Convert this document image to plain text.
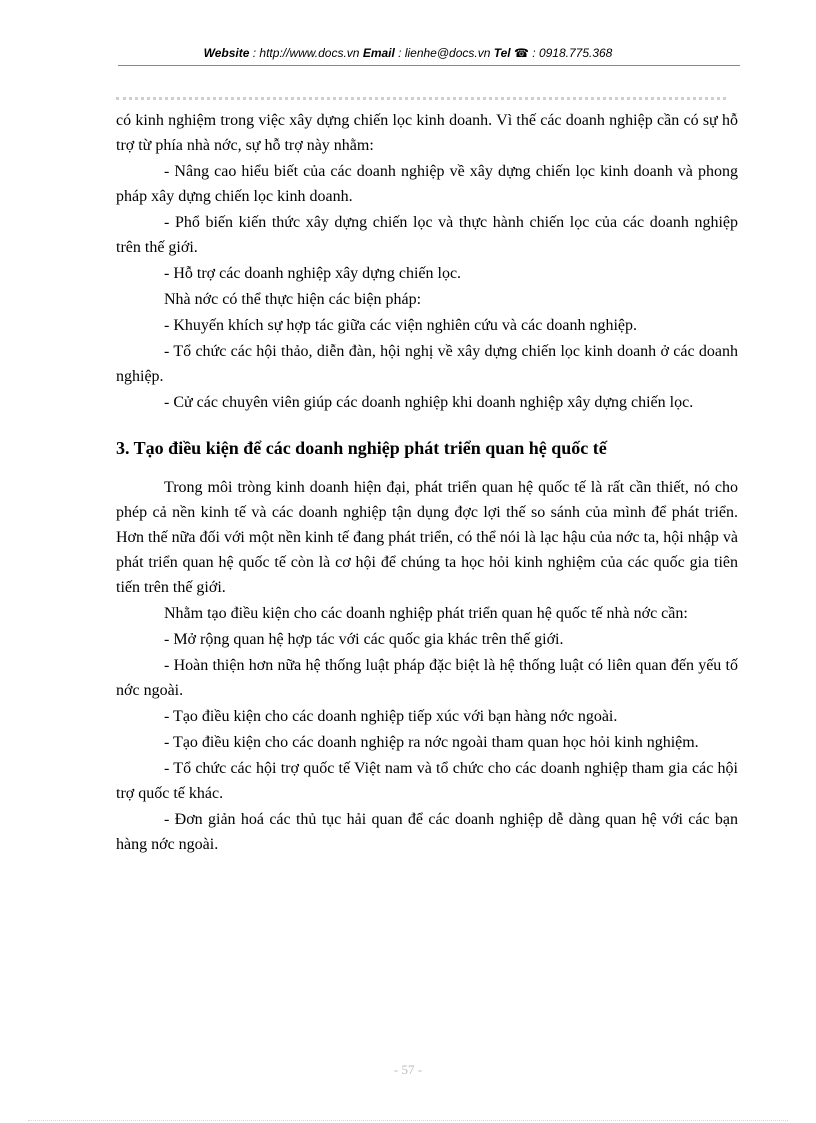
Website : http://www.docs.vn Email : lienhe@docs.vn Tel ☎ : 0918.775.368

có kinh nghiệm trong việc xây dựng chiến lọc kinh doanh. Vì thế các doanh nghiệp cần có sự hỗ trợ từ phía nhà nớc, sự hỗ trợ này nhằm:

- Nâng cao hiểu biết của các doanh nghiệp về xây dựng chiến lọc kinh doanh và phong pháp xây dựng chiến lọc kinh doanh.

- Phổ biến kiến thức xây dựng chiến lọc và thực hành chiến lọc của các doanh nghiệp trên thế giới.

- Hỗ trợ các doanh nghiệp xây dựng chiến lọc.

Nhà nớc có thể thực hiện các biện pháp:

- Khuyến khích sự hợp tác giữa các viện nghiên cứu và các doanh nghiệp.

- Tổ chức các hội thảo, diễn đàn, hội nghị về xây dựng chiến lọc kinh doanh ở các doanh nghiệp.

- Cử các chuyên viên giúp các doanh nghiệp khi doanh nghiệp xây dựng chiến lọc.

3. Tạo điều kiện để các doanh nghiệp phát triển quan hệ quốc tế

Trong môi tròng kinh doanh hiện đại, phát triển quan hệ quốc tế là rất cần thiết, nó cho phép cả nền kinh tế và các doanh nghiệp tận dụng đợc lợi thế so sánh của mình để phát triển. Hơn thế nữa đối với một nền kinh tế đang phát triển, có thể nói là lạc hậu của nớc ta, hội nhập và phát triển quan hệ quốc tế còn là cơ hội để chúng ta học hỏi kinh nghiệm của các quốc gia tiên tiến trên thế giới.

Nhằm tạo điều kiện cho các doanh nghiệp phát triển quan hệ quốc tế nhà nớc cần:

- Mở rộng quan hệ hợp tác với các quốc gia khác trên thế giới.

- Hoàn thiện hơn nữa hệ thống luật pháp đặc biệt là hệ thống luật có liên quan đến yếu tố nớc ngoài.

- Tạo điều kiện cho các doanh nghiệp tiếp xúc với bạn hàng nớc ngoài.

- Tạo điều kiện cho các doanh nghiệp ra nớc ngoài tham quan học hỏi kinh nghiệm.

- Tổ chức các hội trợ quốc tế Việt nam và tổ chức cho các doanh nghiệp tham gia các hội trợ quốc tế khác.

- Đơn giản hoá các thủ tục hải quan để các doanh nghiệp dễ dàng quan hệ với các bạn hàng nớc ngoài.

- 57 -
